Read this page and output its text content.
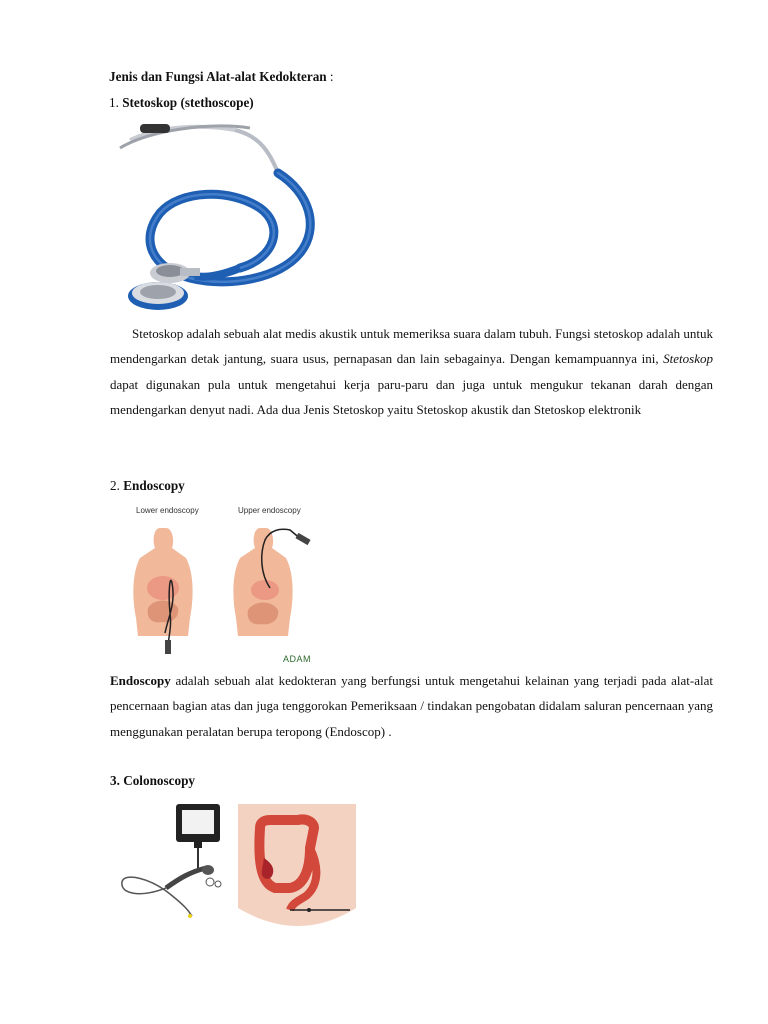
Jenis dan Fungsi Alat-alat Kedokteran :
1. Stetoskop (stethoscope)
Stetoskop adalah sebuah alat medis akustik untuk memeriksa suara dalam tubuh. Fungsi stetoskop adalah untuk mendengarkan detak jantung, suara usus, pernapasan dan lain sebagainya. Dengan kemampuannya ini, Stetoskop dapat digunakan pula untuk mengetahui kerja paru-paru dan juga untuk mengukur tekanan darah dengan mendengarkan denyut nadi. Ada dua Jenis Stetoskop yaitu Stetoskop akustik dan Stetoskop elektronik
2. Endoscopy
Lower endoscopy	Upper endoscopy
ADAM
Endoscopy adalah sebuah alat kedokteran yang berfungsi untuk mengetahui kelainan yang terjadi pada alat-alat pencernaan bagian atas dan juga tenggorokan Pemeriksaan / tindakan pengobatan didalam saluran pencernaan yang menggunakan peralatan berupa teropong (Endoscop) .
3. Colonoscopy
